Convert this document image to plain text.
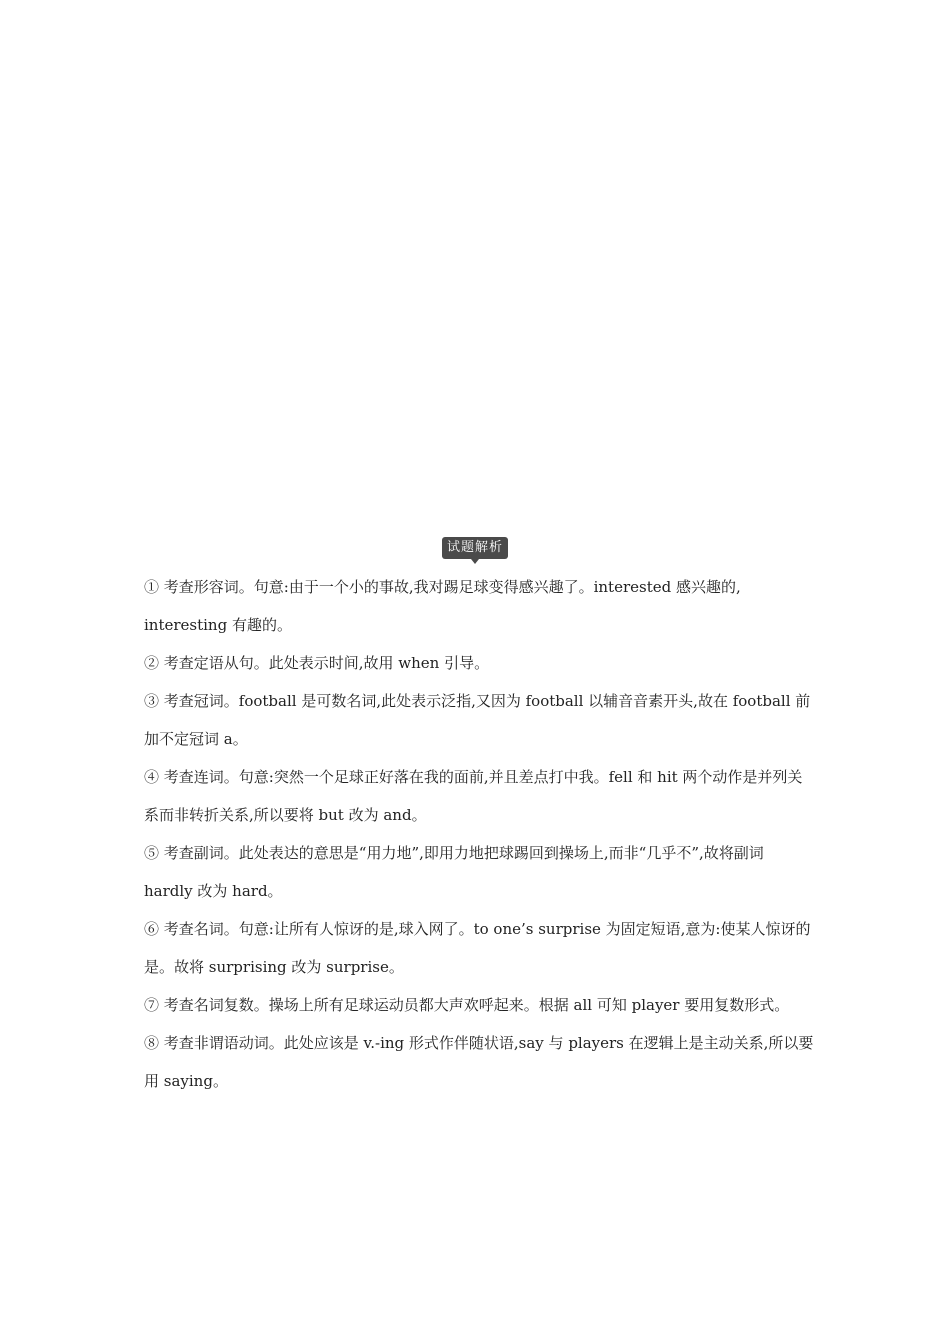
试题解析

① 考查形容词。句意:由于一个小的事故,我对踢足球变得感兴趣了。interested 感兴趣的, interesting 有趣的。

② 考查定语从句。此处表示时间,故用 when 引导。

③ 考查冠词。football 是可数名词,此处表示泛指,又因为 football 以辅音音素开头,故在 football 前加不定冠词 a。

④ 考查连词。句意:突然一个足球正好落在我的面前,并且差点打中我。fell 和 hit 两个动作是并列关系而非转折关系,所以要将 but 改为 and。

⑤ 考查副词。此处表达的意思是“用力地”,即用力地把球踢回到操场上,而非“几乎不”,故将副词 hardly 改为 hard。

⑥ 考查名词。句意:让所有人惊讶的是,球入网了。to one’s surprise 为固定短语,意为:使某人惊讶的是。故将 surprising 改为 surprise。

⑦ 考查名词复数。操场上所有足球运动员都大声欢呼起来。根据 all 可知 player 要用复数形式。

⑧ 考查非谓语动词。此处应该是 v.-ing 形式作伴随状语,say 与 players 在逻辑上是主动关系,所以要用 saying。
